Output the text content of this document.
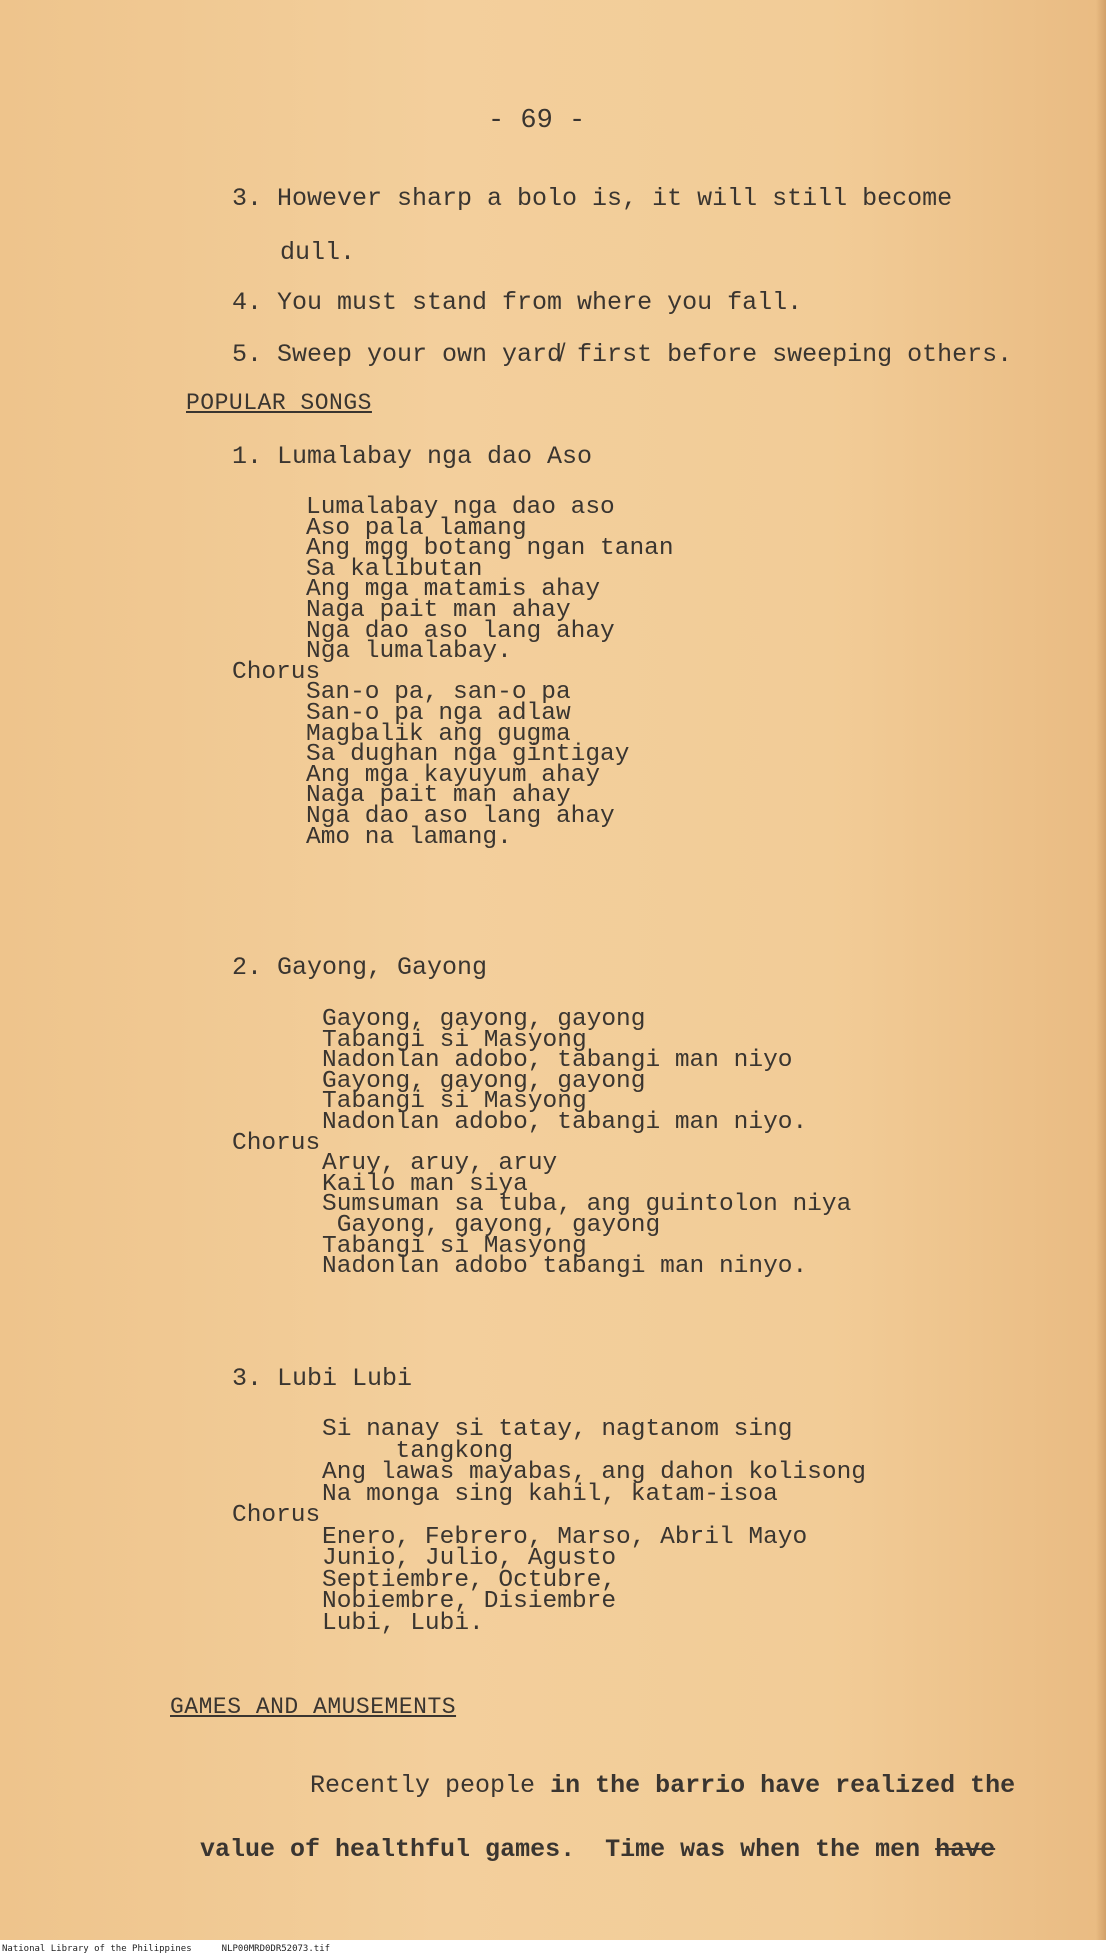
- 69 -
3. However sharp a bolo is, it will still become
dull.
4. You must stand from where you fall.
5. Sweep your own yard̸ first before sweeping others.
POPULAR SONGS
1. Lumalabay nga dao Aso
Lumalabay nga dao aso
Aso pala lamang
Ang mgg botang ngan tanan
Sa kalibutan
Ang mga matamis ahay
Naga pait man ahay
Nga dao aso lang ahay
Nga lumalabay.
Chorus
San-o pa, san-o pa
San-o pa nga adlaw
Magbalik ang gugma
Sa dughan nga gintigay
Ang mga kayuyum ahay
Naga pait man ahay
Nga dao aso lang ahay
Amo na lamang.
2. Gayong, Gayong
Gayong, gayong, gayong
Tabangi si Masyong
Nadonlan adobo, tabangi man niyo
Gayong, gayong, gayong
Tabangi si Masyong
Nadonlan adobo, tabangi man niyo.
Chorus
Aruy, aruy, aruy
Kailo man siya
Sumsuman sa tuba, ang guintolon niya
Gayong, gayong, gayong
Tabangi si Masyong
Nadonlan adobo tabangi man ninyo.
3. Lubi Lubi
Si nanay si tatay, nagtanom sing
tangkong
Ang lawas mayabas, ang dahon kolisong
Na monga sing kahil, katam-isoa
Chorus
Enero, Febrero, Marso, Abril Mayo
Junio, Julio, Agusto
Septiembre, Octubre,
Nobiembre, Disiembre
Lubi, Lubi.
GAMES AND AMUSEMENTS

Recently people in the barrio have realized the

value of healthful games.  Time was when the men have

National Library of the Philippines	NLP00MRD0DR52073.tif
